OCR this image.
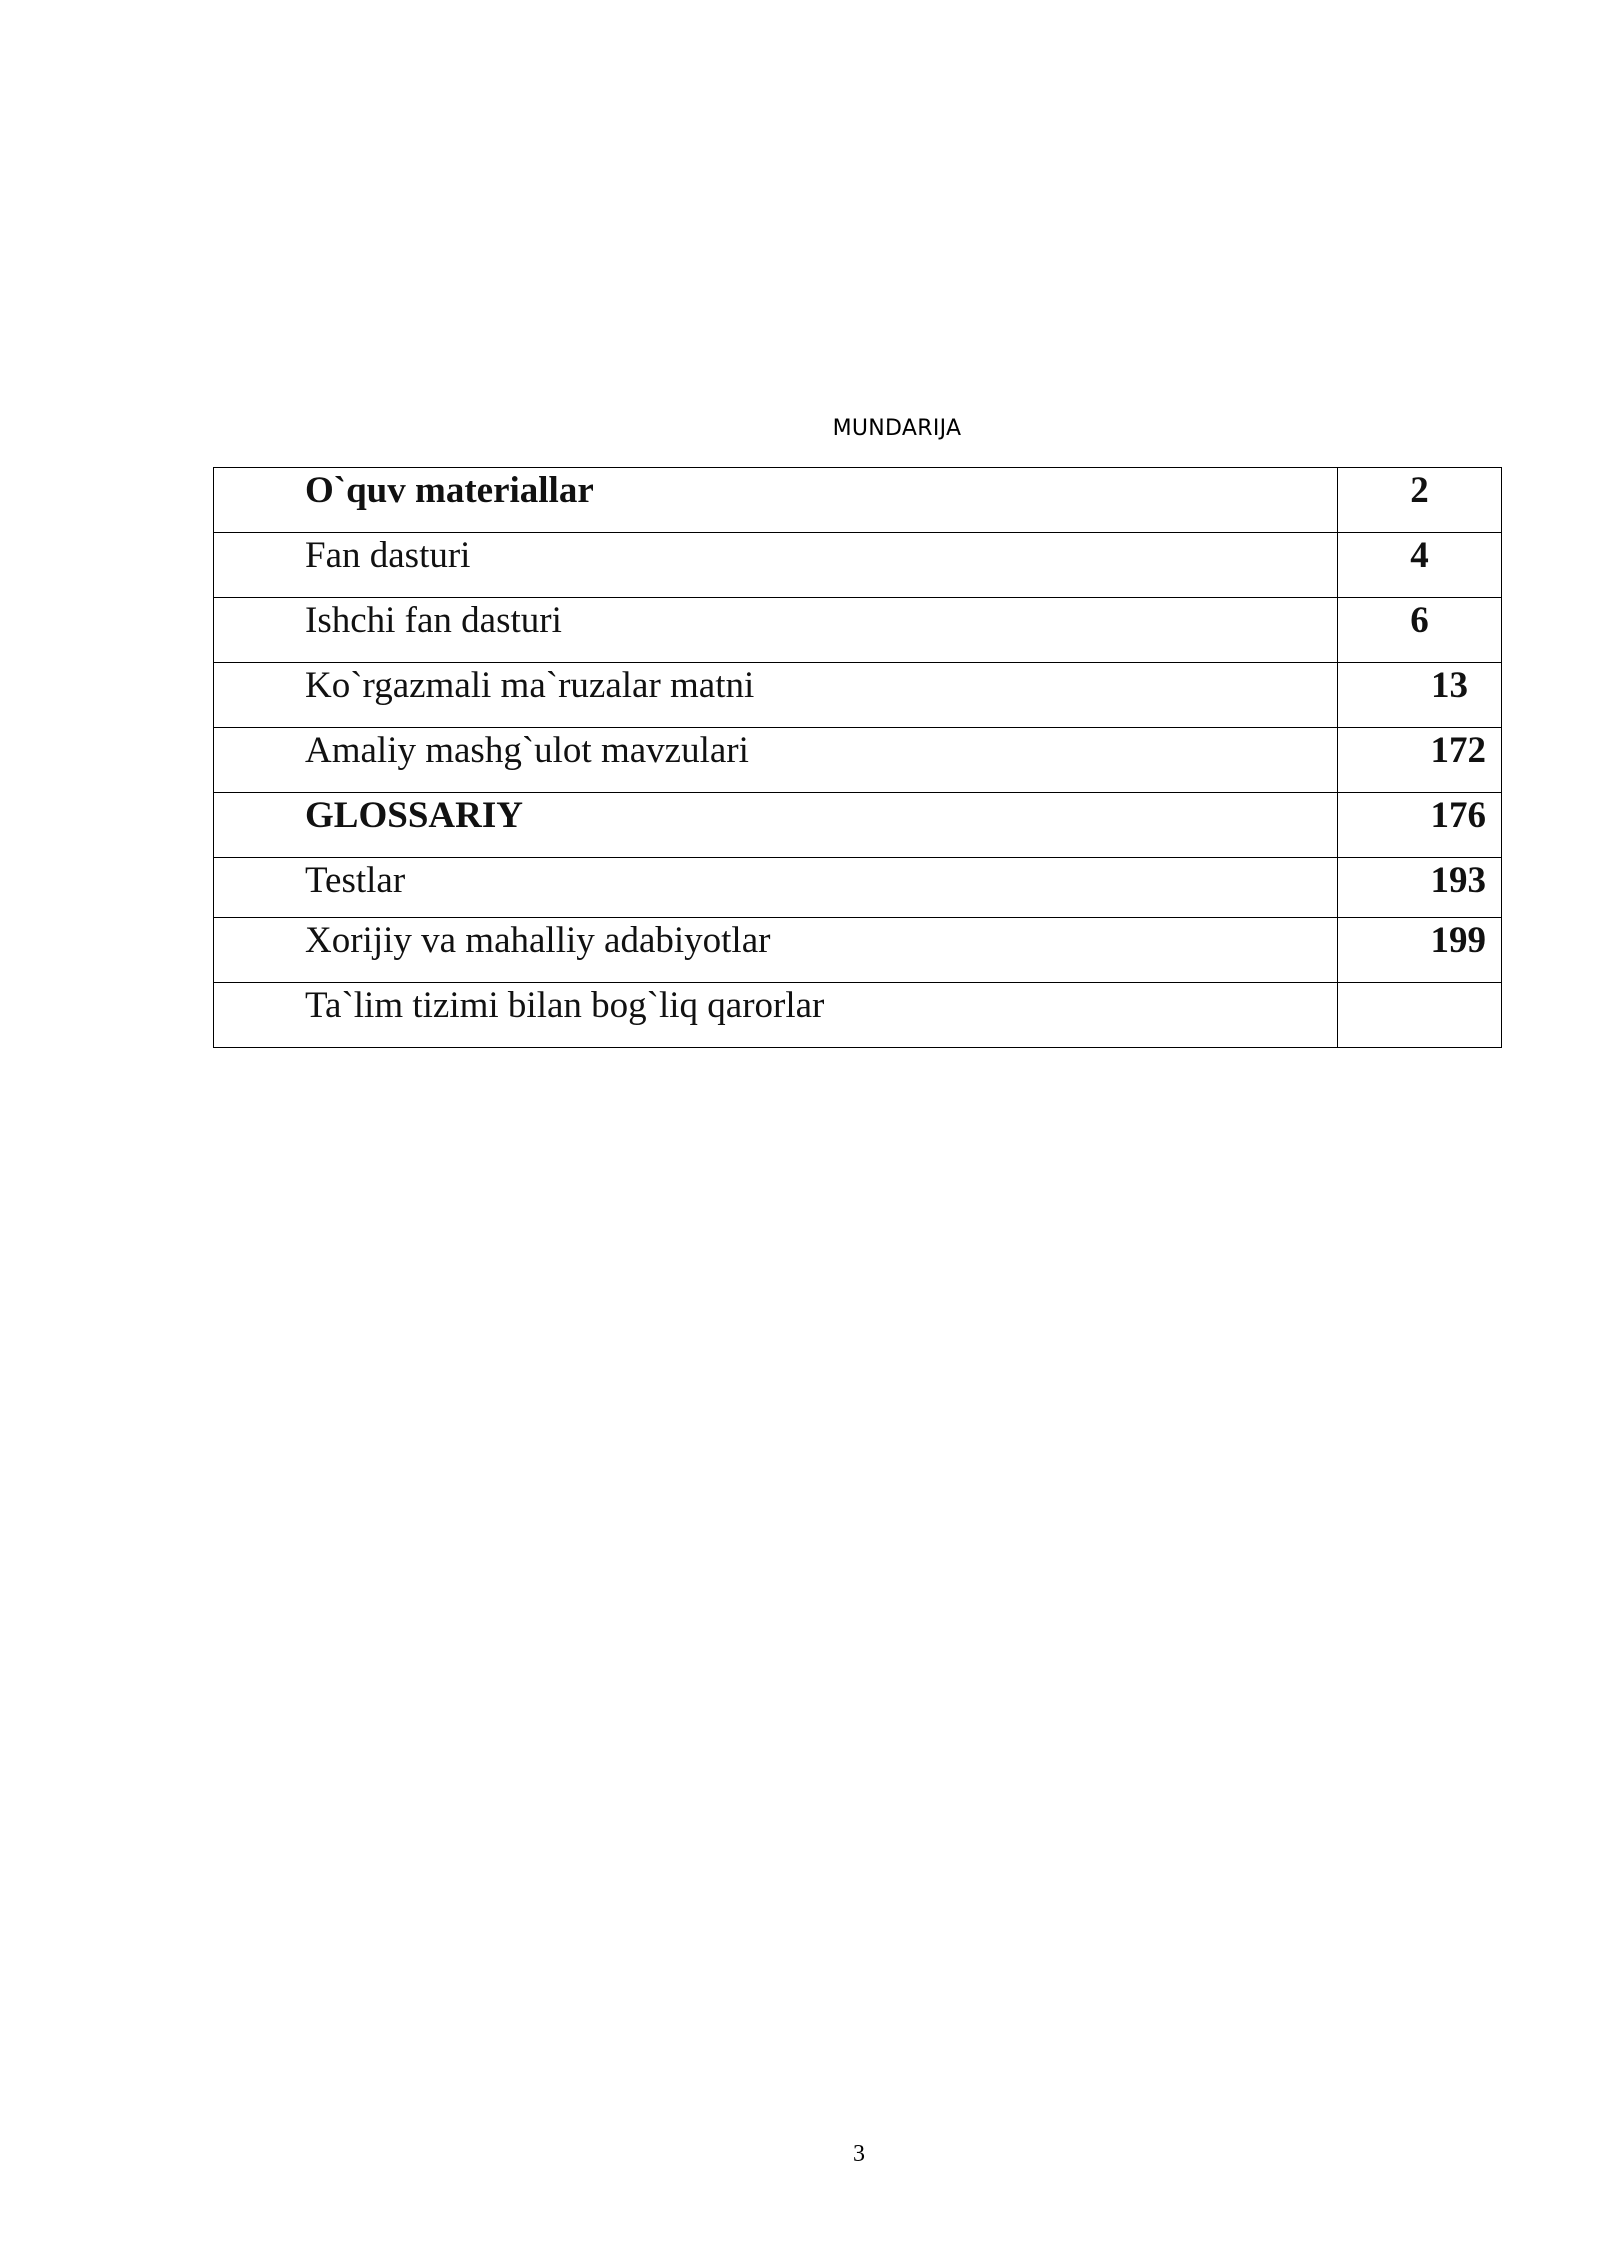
MUNDARIJA
O`quv materiallar	2
Fan dasturi	4
Ishchi fan dasturi	6
Ko`rgazmali ma`ruzalar matni	13
Amaliy mashg`ulot mavzulari	172
GLOSSARIY	176
Testlar	193
Xorijiy va mahalliy adabiyotlar	199
Ta`lim tizimi bilan bog`liq qarorlar	
3
